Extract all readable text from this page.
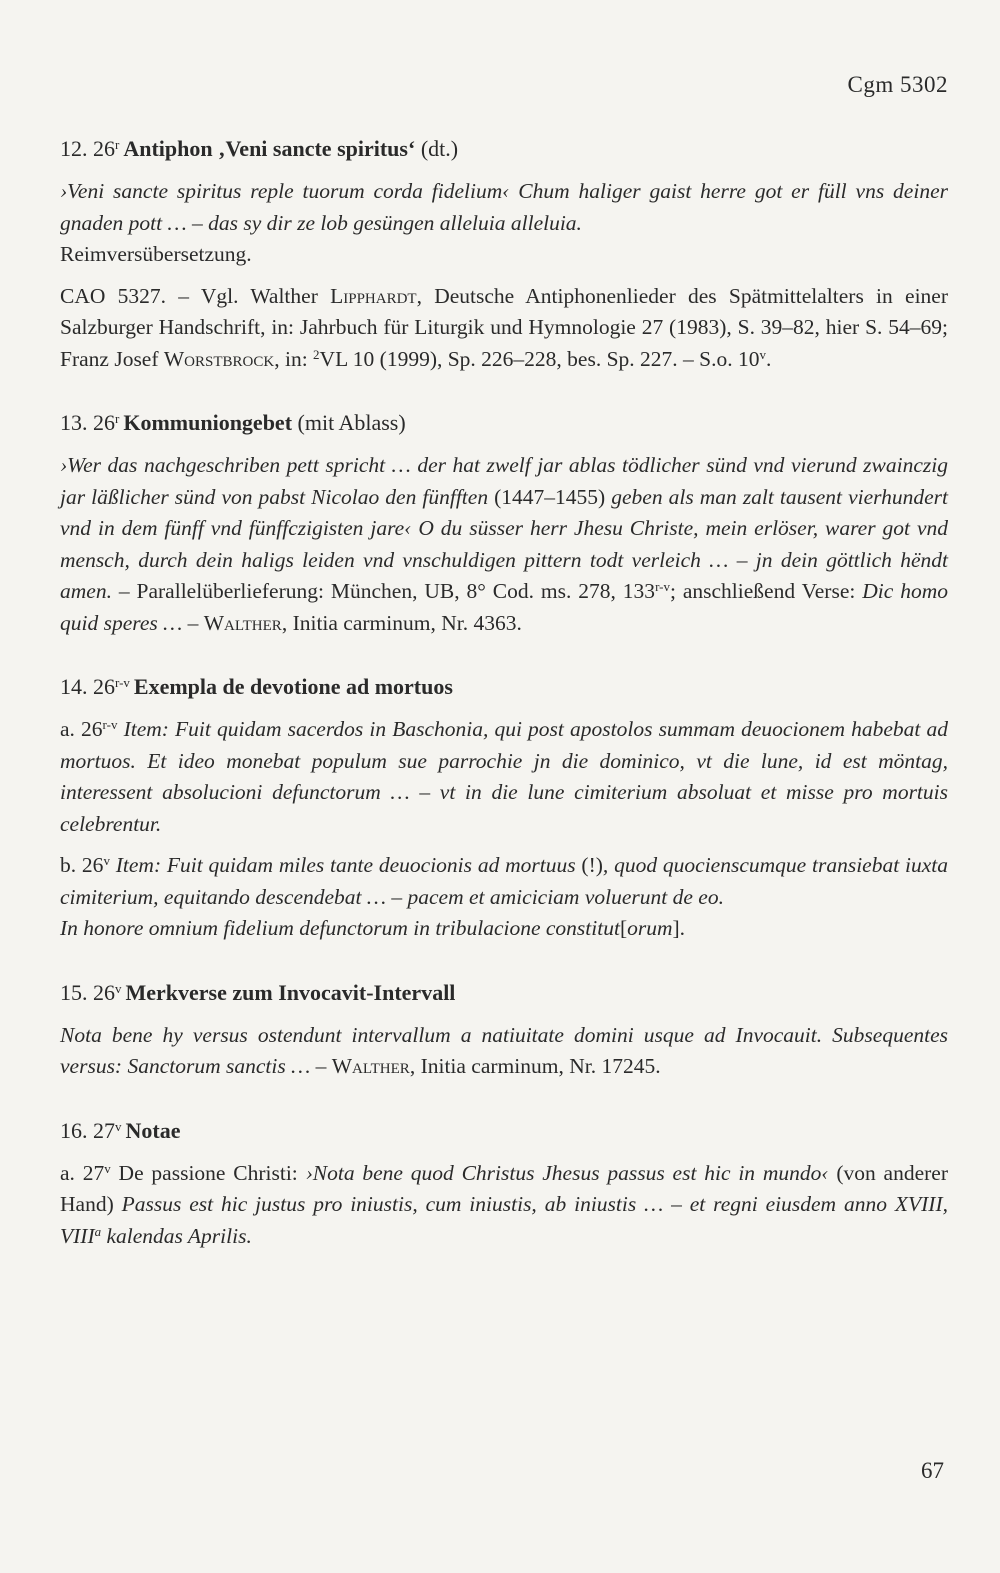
Cgm 5302
12. 26$^r$ Antiphon ‚Veni sancte spiritus‘ (dt.)

›Veni sancte spiritus reple tuorum corda fidelium‹ Chum haliger gaist herre got er füll vns deiner gnaden pott … – das sy dir ze lob gesüngen alleluia alleluia.
Reimversübersetzung.

CAO 5327. – Vgl. Walther Lipphardt, Deutsche Antiphonenlieder des Spätmittelalters in einer Salzburger Handschrift, in: Jahrbuch für Liturgik und Hymnologie 27 (1983), S. 39–82, hier S. 54–69; Franz Josef Worstbrock, in: $^2$VL 10 (1999), Sp. 226–228, bes. Sp. 227. – S.o. 10$^v$.

13. 26$^r$ Kommuniongebet (mit Ablass)

›Wer das nachgeschriben pett spricht … der hat zwelf jar ablas tödlicher sünd vnd vierund zwainczig jar läßlicher sünd von pabst Nicolao den fünfften (1447–1455) geben als man zalt tausent vierhundert vnd in dem fünff vnd fünffczigisten jare‹ O du süsser herr Jhesu Christe, mein erlöser, warer got vnd mensch, durch dein haligs leiden vnd vnschuldigen pittern todt verleich … – jn dein göttlich hëndt amen. – Parallelüberlieferung: München, UB, 8° Cod. ms. 278, 133$^{r-v}$; anschließend Verse: Dic homo quid speres … – Walther, Initia carminum, Nr. 4363.

14. 26$^{r-v}$ Exempla de devotione ad mortuos

a. 26$^{r-v}$ Item: Fuit quidam sacerdos in Baschonia, qui post apostolos summam deuocionem habebat ad mortuos. Et ideo monebat populum sue parrochie jn die dominico, vt die lune, id est möntag, interessent absolucioni defunctorum … – vt in die lune cimiterium absoluat et misse pro mortuis celebrentur.

b. 26$^v$ Item: Fuit quidam miles tante deuocionis ad mortuus (!), quod quocienscumque transiebat iuxta cimiterium, equitando descendebat … – pacem et amiciciam voluerunt de eo.
In honore omnium fidelium defunctorum in tribulacione constitut[orum].

15. 26$^v$ Merkverse zum Invocavit-Intervall

Nota bene hy versus ostendunt intervallum a natiuitate domini usque ad Invocauit. Subsequentes versus: Sanctorum sanctis … – Walther, Initia carminum, Nr. 17245.

16. 27$^v$ Notae

a. 27$^v$ De passione Christi: ›Nota bene quod Christus Jhesus passus est hic in mundo‹ (von anderer Hand) Passus est hic justus pro iniustis, cum iniustis, ab iniustis … – et regni eiusdem anno XVIII, VIII$^a$ kalendas Aprilis.

67
